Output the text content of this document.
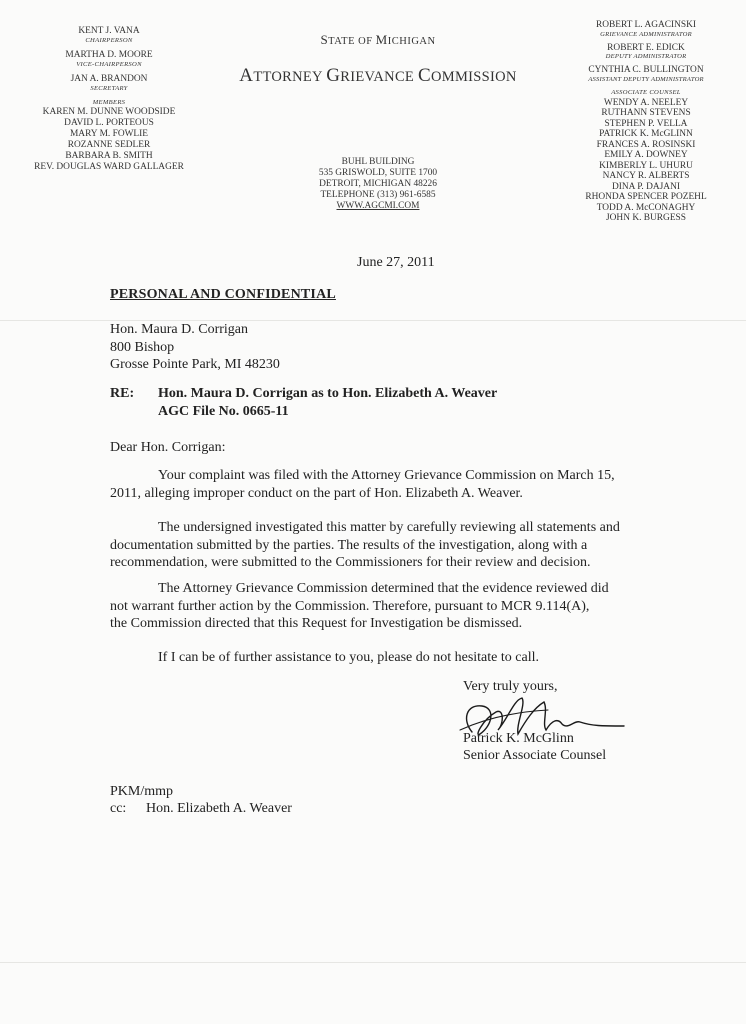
KENT J. VANA
CHAIRPERSON
MARTHA D. MOORE
VICE-CHAIRPERSON
JAN A. BRANDON
SECRETARY
MEMBERS
KAREN M. DUNNE WOODSIDE
DAVID L. PORTEOUS
MARY M. FOWLIE
ROZANNE SEDLER
BARBARA B. SMITH
REV. DOUGLAS WARD GALLAGER
STATE OF MICHIGAN
ATTORNEY GRIEVANCE COMMISSION
BUHL BUILDING
535 GRISWOLD, SUITE 1700
DETROIT, MICHIGAN 48226
TELEPHONE (313) 961-6585
WWW.AGCMI.COM
ROBERT L. AGACINSKI
GRIEVANCE ADMINISTRATOR
ROBERT E. EDICK
DEPUTY ADMINISTRATOR
CYNTHIA C. BULLINGTON
ASSISTANT DEPUTY ADMINISTRATOR
ASSOCIATE COUNSEL
WENDY A. NEELEY
RUTHANN STEVENS
STEPHEN P. VELLA
PATRICK K. McGLINN
FRANCES A. ROSINSKI
EMILY A. DOWNEY
KIMBERLY L. UHURU
NANCY R. ALBERTS
DINA P. DAJANI
RHONDA SPENCER POZEHL
TODD A. McCONAGHY
JOHN K. BURGESS
June 27, 2011
PERSONAL AND CONFIDENTIAL
Hon. Maura D. Corrigan
800 Bishop
Grosse Pointe Park, MI 48230
RE: Hon. Maura D. Corrigan as to Hon. Elizabeth A. Weaver
AGC File No. 0665-11
Dear Hon. Corrigan:
Your complaint was filed with the Attorney Grievance Commission on March 15,
2011, alleging improper conduct on the part of Hon. Elizabeth A. Weaver.
The undersigned investigated this matter by carefully reviewing all statements and
documentation submitted by the parties. The results of the investigation, along with a
recommendation, were submitted to the Commissioners for their review and decision.
The Attorney Grievance Commission determined that the evidence reviewed did
not warrant further action by the Commission. Therefore, pursuant to MCR 9.114(A),
the Commission directed that this Request for Investigation be dismissed.
If I can be of further assistance to you, please do not hesitate to call.
Very truly yours,
Patrick K. McGlinn
Senior Associate Counsel
PKM/mmp
cc: Hon. Elizabeth A. Weaver
